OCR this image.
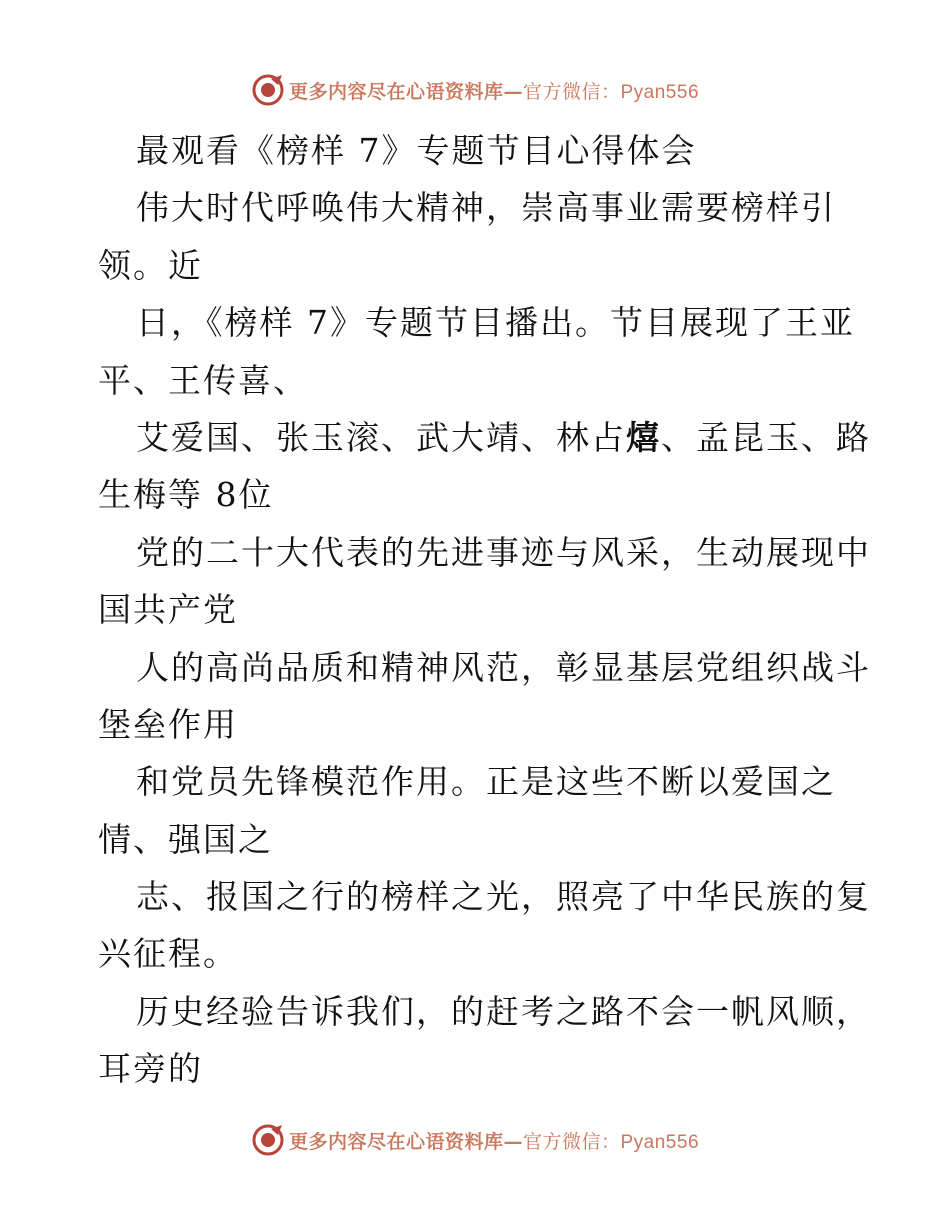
更多内容尽在心语资料库— 官方微信：Pyan556
最观看《榜样 7》专题节目心得体会
伟大时代呼唤伟大精神，崇高事业需要榜样引
领。近
日，《榜样 7》专题节目播出。节目展现了王亚
平、王传喜、
艾爱国、张玉滚、武大靖、林占熺、孟昆玉、路
生梅等 8位
党的二十大代表的先进事迹与风采，生动展现中
国共产党
人的高尚品质和精神风范，彰显基层党组织战斗
堡垒作用
和党员先锋模范作用。正是这些不断以爱国之
情、强国之
志、报国之行的榜样之光，照亮了中华民族的复
兴征程。
历史经验告诉我们，的赶考之路不会一帆风顺，
耳旁的
更多内容尽在心语资料库— 官方微信：Pyan556
